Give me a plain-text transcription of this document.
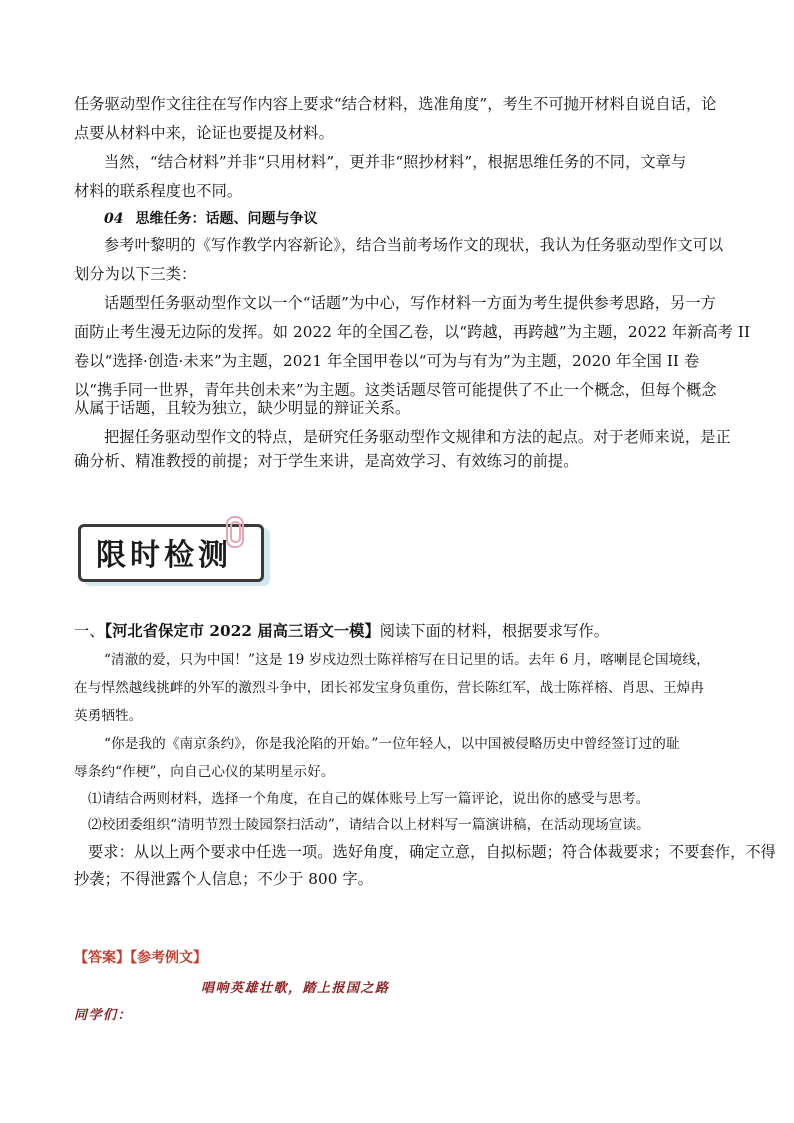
任务驱动型作文往往在写作内容上要求“结合材料，选准角度”，考生不可抛开材料自说自话，论
点要从材料中来，论证也要提及材料。
当然，“结合材料”并非“只用材料”，更并非“照抄材料”，根据思维任务的不同，文章与
材料的联系程度也不同。
04 思维任务：话题、问题与争议
参考叶黎明的《写作教学内容新论》，结合当前考场作文的现状，我认为任务驱动型作文可以
划分为以下三类：
话题型任务驱动型作文以一个“话题”为中心，写作材料一方面为考生提供参考思路，另一方
面防止考生漫无边际的发挥。如 2022 年的全国乙卷，以“跨越，再跨越”为主题，2022 年新高考 II
卷以“选择·创造·未来”为主题，2021 年全国甲卷以“可为与有为”为主题，2020 年全国 II 卷
以“携手同一世界，青年共创未来”为主题。这类话题尽管可能提供了不止一个概念，但每个概念
从属于话题，且较为独立，缺少明显的辩证关系。
把握任务驱动型作文的特点，是研究任务驱动型作文规律和方法的起点。对于老师来说，是正
确分析、精准教授的前提；对于学生来讲，是高效学习、有效练习的前提。
限时检测
一、【河北省保定市 2022 届高三语文一模】阅读下面的材料，根据要求写作。
“清澈的爱，只为中国！”这是 19 岁戍边烈士陈祥榕写在日记里的话。去年 6 月，喀喇昆仑国境线，
在与悍然越线挑衅的外军的激烈斗争中，团长祁发宝身负重伤，营长陈红军，战士陈祥榕、肖思、王焯冉
英勇牺牲。
“你是我的《南京条约》，你是我沦陷的开始。”一位年轻人，以中国被侵略历史中曾经签订过的耻
辱条约“作梗”，向自己心仪的某明星示好。
⑴请结合两则材料，选择一个角度，在自己的媒体账号上写一篇评论，说出你的感受与思考。
⑵校团委组织“清明节烈士陵园祭扫活动”，请结合以上材料写一篇演讲稿，在活动现场宣读。
要求：从以上两个要求中任选一项。选好角度，确定立意，自拟标题；符合体裁要求；不要套作，不得
抄袭；不得泄露个人信息；不少于 800 字。
【答案】【参考例文】
唱响英雄壮歌，踏上报国之路
同学们：
